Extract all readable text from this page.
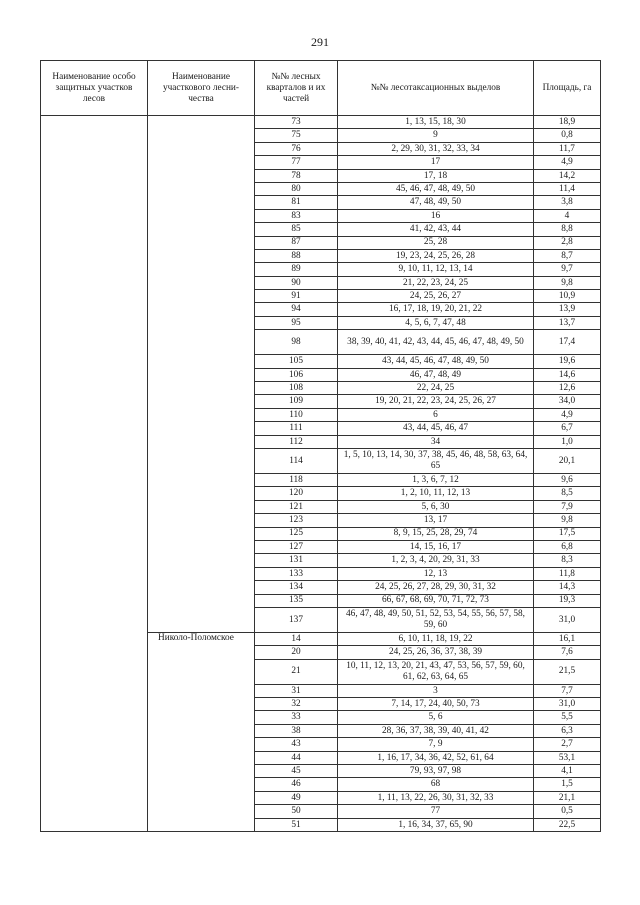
291
Наименование особо защитных участков лесов	Наименование участкового лесни-чества	№№ лесных кварталов и их частей	№№ лесотаксационных выделов	Площадь, га
		73	1, 13, 15, 18, 30	18,9
		75	9	0,8
		76	2, 29, 30, 31, 32, 33, 34	11,7
		77	17	4,9
		78	17, 18	14,2
		80	45, 46, 47, 48, 49, 50	11,4
		81	47, 48, 49, 50	3,8
		83	16	4
		85	41, 42, 43, 44	8,8
		87	25, 28	2,8
		88	19, 23, 24, 25, 26, 28	8,7
		89	9, 10, 11, 12, 13, 14	9,7
		90	21, 22, 23, 24, 25	9,8
		91	24, 25, 26, 27	10,9
		94	16, 17, 18, 19, 20, 21, 22	13,9
		95	4, 5, 6, 7, 47, 48	13,7
		98	38, 39, 40, 41, 42, 43, 44, 45, 46, 47, 48, 49, 50	17,4
		105	43, 44, 45, 46, 47, 48, 49, 50	19,6
		106	46, 47, 48, 49	14,6
		108	22, 24, 25	12,6
		109	19, 20, 21, 22, 23, 24, 25, 26, 27	34,0
		110	6	4,9
		111	43, 44, 45, 46, 47	6,7
		112	34	1,0
		114	1, 5, 10, 13, 14, 30, 37, 38, 45, 46, 48, 58, 63, 64, 65	20,1
		118	1, 3, 6, 7, 12	9,6
		120	1, 2, 10, 11, 12, 13	8,5
		121	5, 6, 30	7,9
		123	13, 17	9,8
		125	8, 9, 15, 25, 28, 29, 74	17,5
		127	14, 15, 16, 17	6,8
		131	1, 2, 3, 4, 20, 29, 31, 33	8,3
		133	12, 13	11,8
		134	24, 25, 26, 27, 28, 29, 30, 31, 32	14,3
		135	66, 67, 68, 69, 70, 71, 72, 73	19,3
		137	46, 47, 48, 49, 50, 51, 52, 53, 54, 55, 56, 57, 58, 59, 60	31,0
	Николо-Поломское	14	6, 10, 11, 18, 19, 22	16,1
		20	24, 25, 26, 36, 37, 38, 39	7,6
		21	10, 11, 12, 13, 20, 21, 43, 47, 53, 56, 57, 59, 60, 61, 62, 63, 64, 65	21,5
		31	3	7,7
		32	7, 14, 17, 24, 40, 50, 73	31,0
		33	5, 6	5,5
		38	28, 36, 37, 38, 39, 40, 41, 42	6,3
		43	7, 9	2,7
		44	1, 16, 17, 34, 36, 42, 52, 61, 64	53,1
		45	79, 93, 97, 98	4,1
		46	68	1,5
		49	1, 11, 13, 22, 26, 30, 31, 32, 33	21,1
		50	77	0,5
		51	1, 16, 34, 37, 65, 90	22,5
